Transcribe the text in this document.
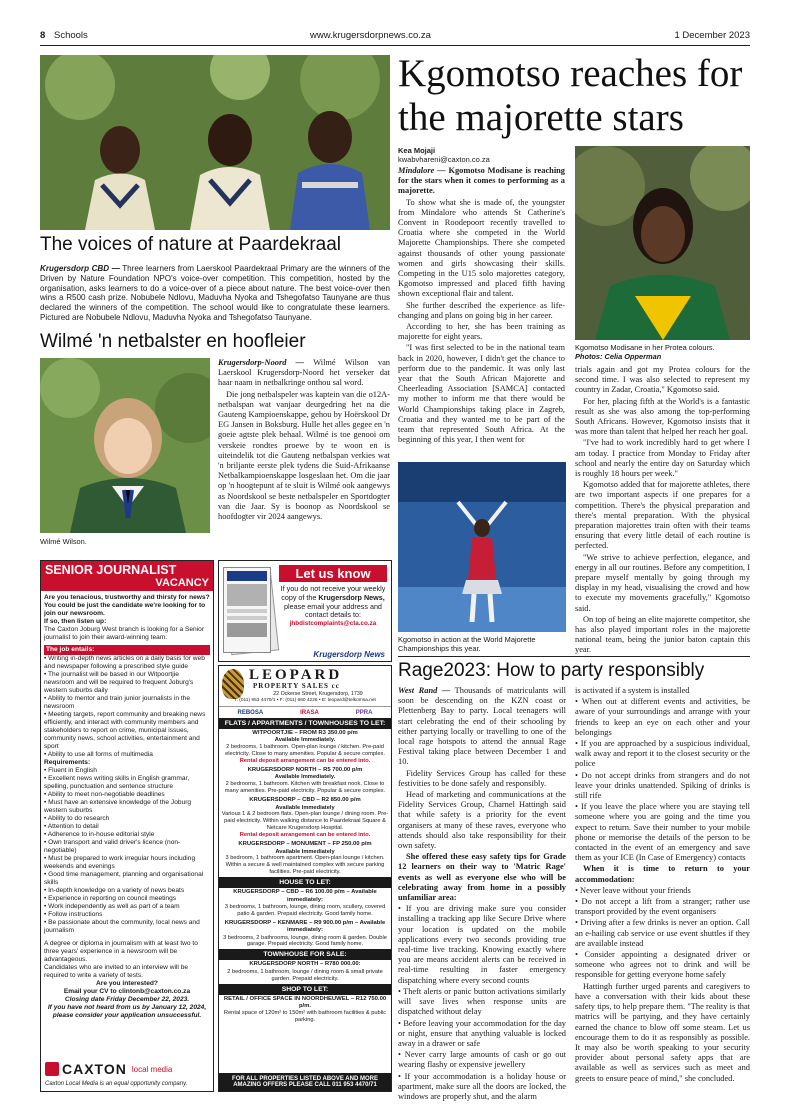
8 Schools	www.krugersdorpnews.co.za	1 December 2023
The voices of nature at Paardekraal
Krugersdorp CBD — Three learners from Laerskool Paardekraal Primary are the winners of the Driven by Nature Foundation NPO's voice-over competition. This competition, hosted by the organisation, asks learners to do a voice-over of a piece about nature. The best voice-over then wins a R500 cash prize. Nobubele Ndlovu, Maduvha Nyoka and Tshegofatso Taunyane are thus declared the winners of the competition. The school would like to congratulate these learners. Pictured are Nobubele Ndlovu, Maduvha Nyoka and Tshegofatso Taunyane.
Wilmé 'n netbalster en hoofleier
Wilmé Wilson.

Krugersdorp-Noord — Wilmé Wilson van Laerskool Krugersdorp-Noord het verseker dat haar naam in netbalkringe onthou sal word.

Die jong netbalspeler was kaptein van die o12A-netbalspan wat vanjaar deurgedring het na die Gauteng Kampioenskappe, gehou by Hoërskool Dr EG Jansen in Boksburg. Hulle het alles gegee en 'n goeie agtste plek behaal. Wilmé is toe genooi om verskeie rondtes proewe by te woon en is uiteindelik tot die Gauteng netbalspan verkies wat 'n briljante eerste plek tydens die Suid-Afrikaanse Netbalkampioenskappe losgeslaan het. Om die jaar op 'n hoogtepunt af te sluit is Wilmé ook aangewys as Noordskool se beste netbalspeler en Sportdogter van die Jaar. Sy is boonop as Noordskool se hoofdogter vir 2024 aangewys.

Kgomotso reaches for the majorette stars
Kea Mojaji
kwabvhareni@caxton.co.za

Mindalore — Kgomotso Modisane is reaching for the stars when it comes to performing as a majorette.

To show what she is made of, the youngster from Mindalore who attends St Catherine's Convent in Roodepoort recently travelled to Croatia where she competed in the World Majorette Championships. There she competed against thousands of other young passionate women and girls showcasing their skills. Competing in the U15 solo majorettes category, Kgomotso impressed and placed fifth having shown exceptional flair and talent.

She further described the experience as life-changing and plans on going big in her career.

According to her, she has been training as majorette for eight years.

"I was first selected to be in the national team back in 2020, however, I didn't get the chance to perform due to the pandemic. It was only last year that the South African Majorette and Cheerleading Association [SAMCA] contacted my mother to inform me that there would be World Championships taking place in Zagreb, Croatia and they wanted me to be part of the team that represented South Africa. At the beginning of this year, I then went for

Kgomotso Modisane in her Protea colours.
Photos: Celia Opperman
Kgomotso in action at the World Majorette Championships this year.

trials again and got my Protea colours for the second time. I was also selected to represent my country in Zadar, Croatia," Kgomotso said.

For her, placing fifth at the World's is a fantastic result as she was also among the top-performing South Africans. However, Kgomotso insists that it was more than talent that helped her reach her goal.

"I've had to work incredibly hard to get where I am today. I practice from Monday to Friday after school and nearly the entire day on Saturday which is roughly 18 hours per week."

Kgomotso added that for majorette athletes, there are two important aspects if one prepares for a competition. There's the physical preparation and there's mental preparation. With the physical preparation majorettes train often with their teams ensuring that every little detail of each routine is perfected.

"We strive to achieve perfection, elegance, and energy in all our routines. Before any competition, I prepare myself mentally by going through my display in my head, visualising the crowd and how to execute my movements gracefully," Kgomotso said.

On top of being an elite majorette competitor, she has also played important roles in the majorette national team, being the junior baton captain this year.

SENIOR JOURNALIST
VACANCY
Are you tenacious, trustworthy and thirsty for news? You could be just the candidate we're looking for to join our newsroom.
If so, then listen up:
The Caxton Joburg West branch is looking for a Senior journalist to join their award-winning team.
The job entails:
• Writing in-depth news articles on a daily basis for web and newspaper following a prescribed style guide
• The journalist will be based in our Witpoortjie newsroom and will be required to frequent Joburg's western suburbs daily
• Ability to mentor and train junior journalists in the newsroom
• Meeting targets, report community and breaking news efficiently, and interact with community members and stakeholders to report on crime, municipal issues, community news, school activities, entertainment and sport
• Ability to use all forms of multimedia
Requirements:
• Fluent in English
• Excellent news writing skills in English grammar, spelling, punctuation and sentence structure
• Ability to meet non-negotiable deadlines
• Must have an extensive knowledge of the Joburg western suburbs
• Ability to do research
• Attention to detail
• Adherence to in-house editorial style
• Own transport and valid driver's licence (non-negotiable)
• Must be prepared to work irregular hours including weekends and evenings
• Good time management, planning and organisational skills
• In-depth knowledge on a variety of news beats
• Experience in reporting on council meetings
• Work independently as well as part of a team
• Follow instructions
• Be passionate about the community, local news and journalism
A degree or diploma in journalism with at least two to three years' experience in a newsroom will be advantageous.
Candidates who are invited to an interview will be required to write a variety of tests.
Are you interested?
Email your CV to clintonb@caxton.co.za
Closing date Friday December 22, 2023.
If you have not heard from us by January 12, 2024, please consider your application unsuccessful.
CAXTON local media
Caxton Local Media is an equal opportunity company.
Let us know
If you do not receive your weekly copy of the Krugersdorp News, please email your address and contact details to:
jhbdistcomplaints@cta.co.za
Krugersdorp News
LEOPARD
PROPERTY SALES cc
22 Ockerse Street, Krugersdorp, 1739
T: (011) 953 4470/1 • F: (011) 660 4226 • E: leopard@telkomsa.net
REBOSA	IRASA	PPRA
FLATS / APPARTMENTS / TOWNHOUSES TO LET:
WITPOORTJIE – FROM R3 350.00 p/m
Available Immediately.
2 bedrooms, 1 bathroom. Open-plan lounge / kitchen. Pre-paid electricity. Close to many amenities. Popular & secure complex.
Rental deposit arrangement can be entered into.
KRUGERSDORP NORTH – R5 700.00 p/m
Available Immediately.
2 bedrooms, 1 bathroom. Kitchen with breakfast nook. Close to many amenities. Pre-paid electricity. Popular & secure complex.
KRUGERSDORP – CBD – R2 850.00 p/m
Available Immediately
Various 1 & 2 bedroom flats. Open-plan lounge / dining room. Pre-paid electricity. Within walking distance to Paardekraal Square & Netcare Krugersdorp Hospital.
Rental deposit arrangement can be entered into.
KRUGERSDORP – MONUMENT – FP 250.00 p/m
Available Immediately
3 bedroom, 1 bathroom apartment. Open-plan lounge / kitchen. Within a secure & well maintained complex with secure parking facilities. Pre-paid electricity.
HOUSE TO LET:
KRUGERSDORP – CBD – R6 100.00 p/m – Available immediately:
3 bedrooms, 1 bathroom, lounge, dining room, scullery, covered patio & garden. Prepaid electricity. Good family home.
KRUGERSDORP – KENMARE – R9 900.00 p/m – Available immediately:
3 bedrooms, 2 bathrooms, lounge, dining room & garden. Double garage. Prepaid electricity. Good family home.
TOWNHOUSE FOR SALE:
KRUGERSDORP NORTH – R780 000.00:
2 bedrooms, 1 bathroom, lounge / dining room & small private garden. Prepaid electricity.
SHOP TO LET:
RETAIL / OFFICE SPACE IN NOORDHEUWEL – R12 750.00 p/m.
Rental space of 120m² to 150m² with bathroom facilities & public parking.
FOR ALL PROPERTIES LISTED ABOVE AND MORE AMAZING OFFERS PLEASE CALL 011 953 4470/71
Rage2023: How to party responsibly

West Rand — Thousands of matriculants will soon be descending on the KZN coast or Plettenberg Bay to party. Local teenagers will start celebrating the end of their schooling by either partying locally or travelling to one of the local rage hotspots to attend the annual Rage Festival taking place between December 1 and 10.

Fidelity Services Group has called for these festivities to be done safely and responsibly.

Head of marketing and communications at the Fidelity Services Group, Charnel Hattingh said that while safety is a priority for the event organisers at many of these raves, everyone who attends should also take responsibility for their own safety.

She offered these easy safety tips for Grade 12 learners on their way to 'Matric Rage' events as well as everyone else who will be celebrating away from home in a possibly unfamiliar area:

• If you are driving make sure you consider installing a tracking app like Secure Drive where your location is updated on the mobile applications every two seconds providing true real-time live tracking. Knowing exactly where you are means accident alerts can be received in real-time resulting in faster emergency dispatching where every second counts

• Theft alerts or panic button activations similarly will save lives when response units are dispatched without delay

• Before leaving your accommodation for the day or night, ensure that anything valuable is locked away in a drawer or safe

• Never carry large amounts of cash or go out wearing flashy or expensive jewellery

• If your accommodation is a holiday house or apartment, make sure all the doors are locked, the windows are properly shut, and the alarm

is activated if a system is installed

• When out at different events and activities, be aware of your surroundings and arrange with your friends to keep an eye on each other and your belongings

• If you are approached by a suspicious individual, walk away and report it to the closest security or the police

• Do not accept drinks from strangers and do not leave your drinks unattended. Spiking of drinks is still rife

• If you leave the place where you are staying tell someone where you are going and the time you expect to return. Save their number to your mobile phone or memorise the details of the person to be contacted in the event of an emergency and save them as your ICE (In Case of Emergency) contacts

When it is time to return to your accommodation:

• Never leave without your friends

• Do not accept a lift from a stranger; rather use transport provided by the event organisers

• Driving after a few drinks is never an option. Call an e-hailing cab service or use event shuttles if they are available instead

• Consider appointing a designated driver or someone who agrees not to drink and will be responsible for getting everyone home safely

Hattingh further urged parents and caregivers to have a conversation with their kids about these safety tips, to help prepare them. "The reality is that matrics will be partying, and they have certainly earned the chance to blow off some steam. Let us encourage them to do it as responsibly as possible. It may also be worth speaking to your security provider about personal safety apps that are available as well as services such as meet and greets to ensure peace of mind," she concluded.
